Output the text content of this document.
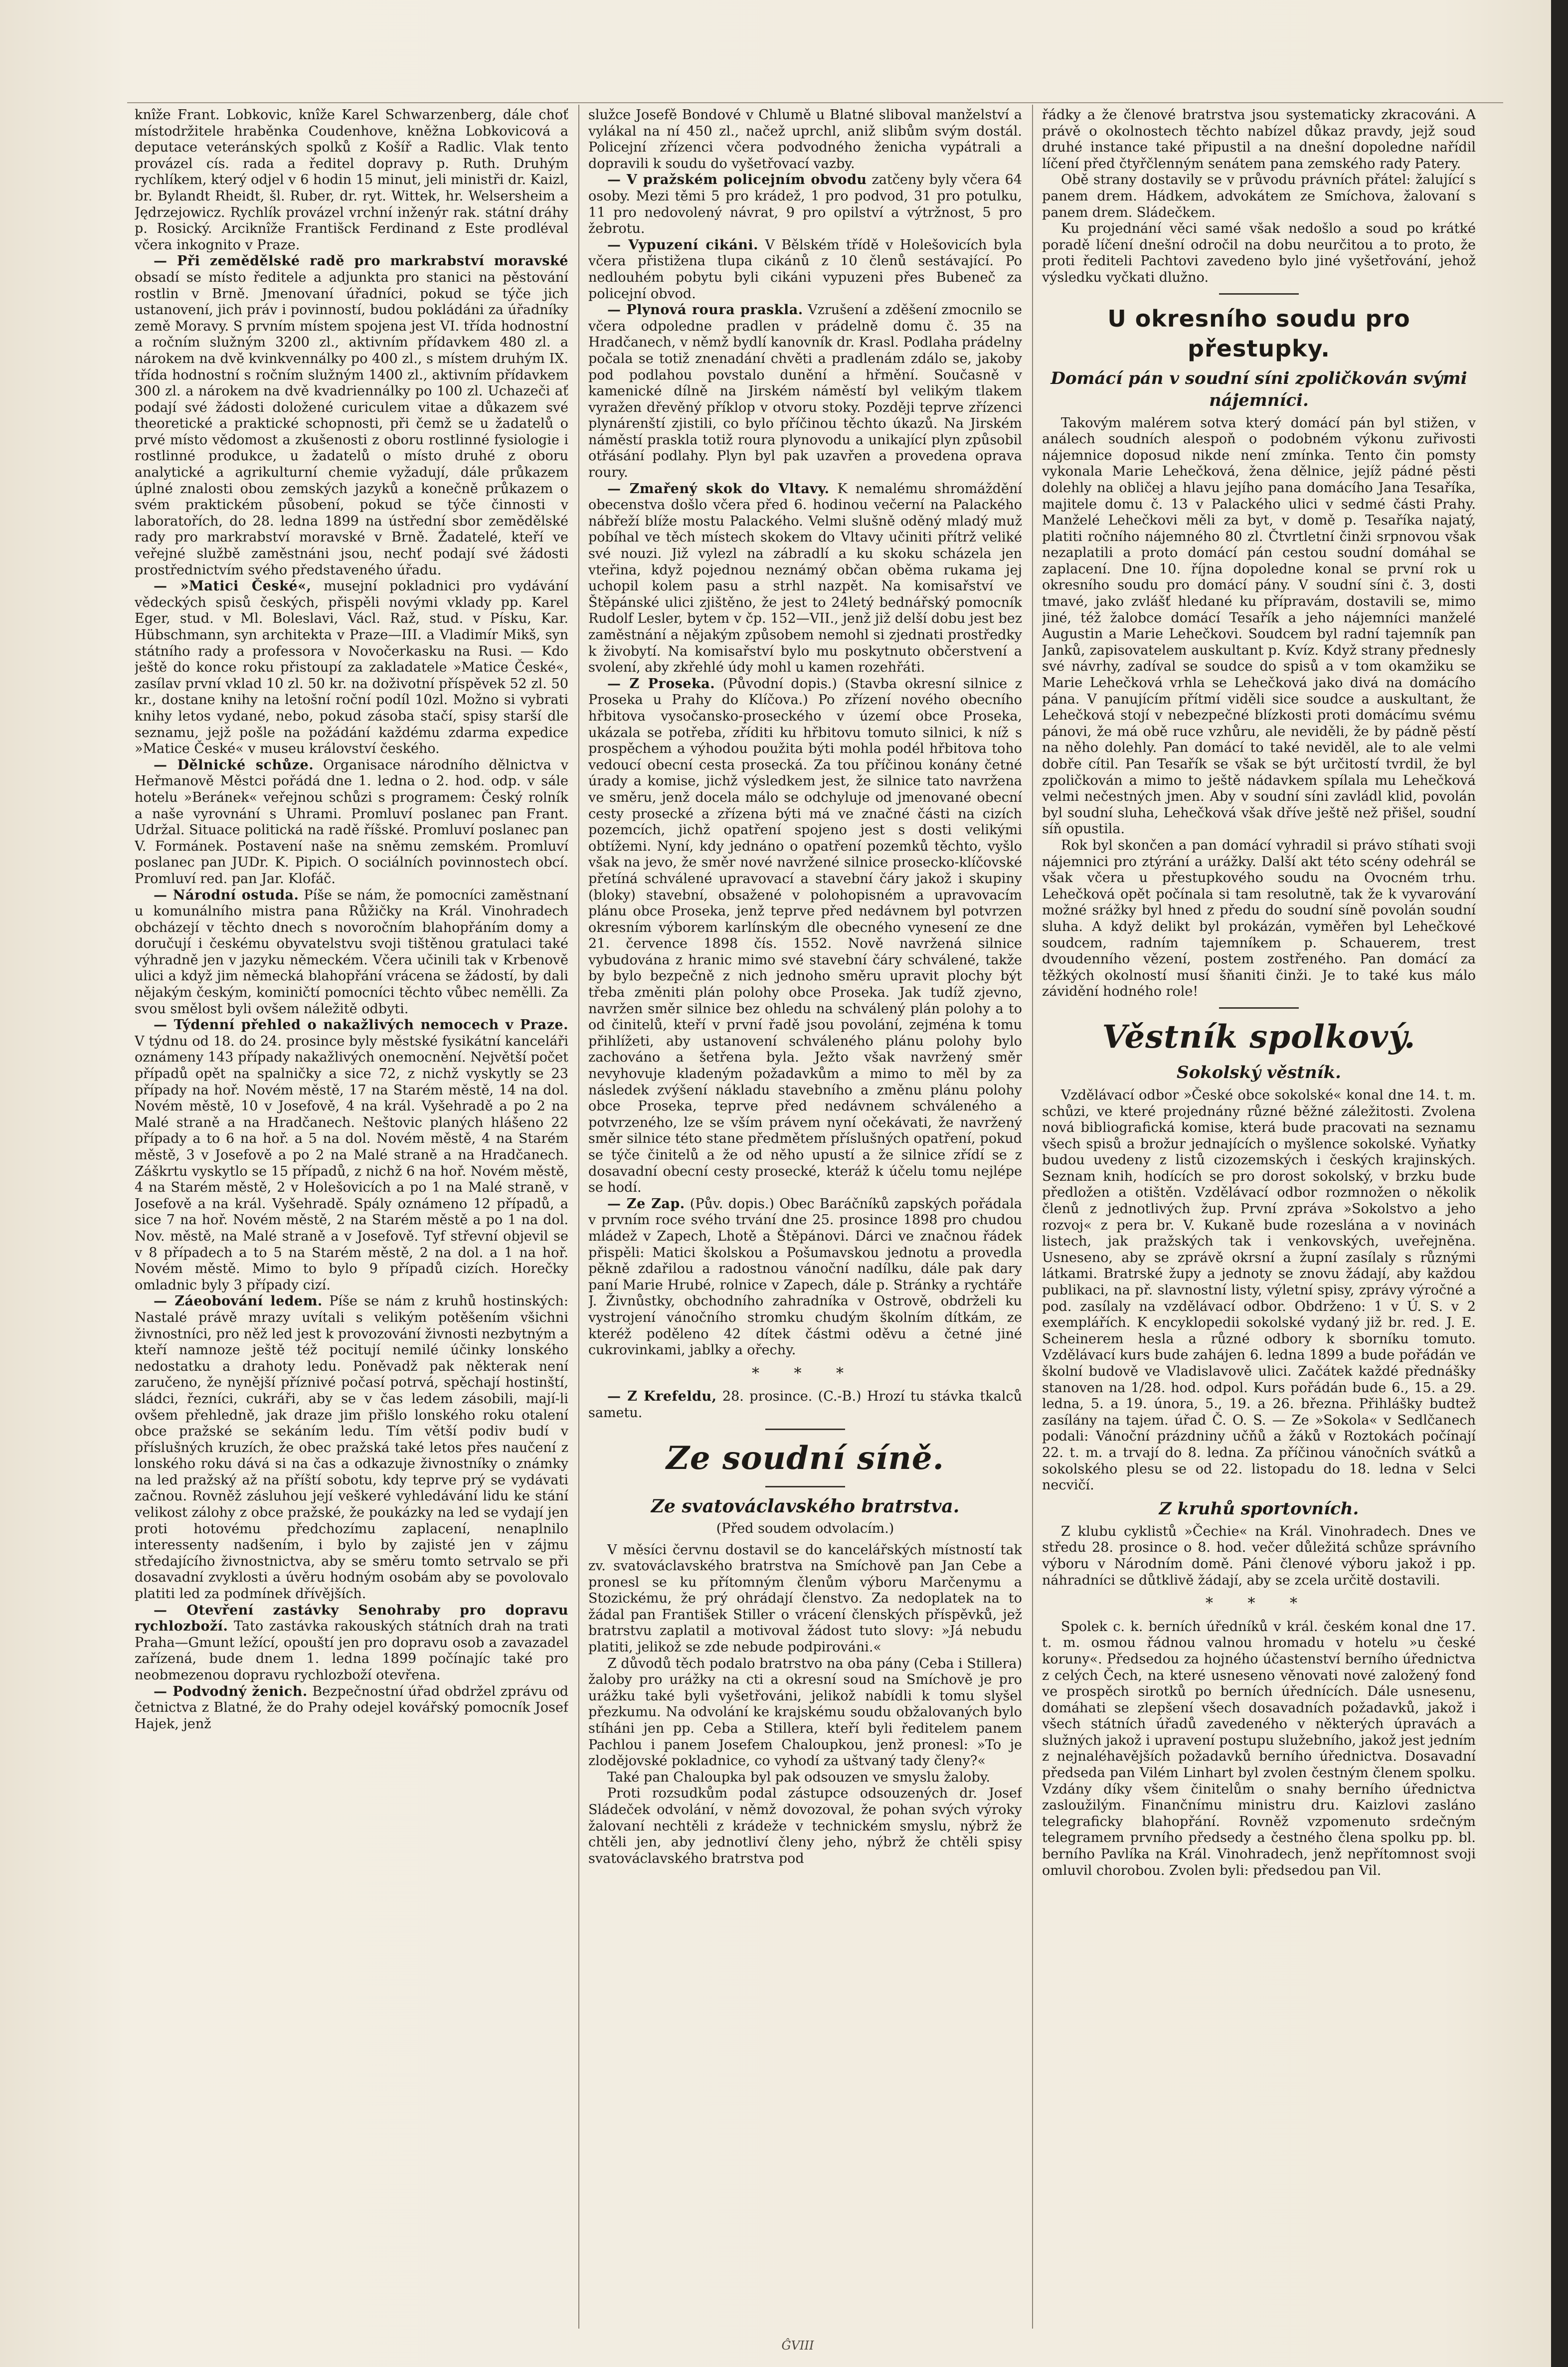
knîže Frant. Lobkovic, knîže Karel Schwarzenberg, dále choť místodržitele hraběnka Coudenhove, kněžna Lobkovicová a deputace veteránských spolků z Košíř a Radlic. Vlak tento provázel cís. rada a ředitel dopravy p. Ruth. Druhým rychlíkem, který odjel v 6 hodin 15 minut, jeli ministři dr. Kaizl, br. Bylandt Rheidt, šl. Ruber, dr. ryt. Wittek, hr. Welsersheim a Jędrzejowicz. Rychlík provázel vrchní inženýr rak. státní dráhy p. Rosický. Arciknîže Františck Ferdinand z Este prodléval včera inkognito v Praze.

— Při zemědělské radě pro markrabství moravské obsadí se místo ředitele a adjunkta pro stanici na pěstování rostlin v Brně. Jmenovaní úřadníci, pokud se týče jich ustanovení, jich práv i povinností, budou pokládáni za úřadníky země Moravy. S prvním místem spojena jest VI. třída hodnostní a ročním služným 3200 zl., aktivním přídavkem 480 zl. a nárokem na dvě kvinkvennálky po 400 zl., s místem druhým IX. třída hodnostní s ročním služným 1400 zl., aktivním přídavkem 300 zl. a nárokem na dvě kvadriennálky po 100 zl. Uchazeči ať podají své žádosti doložené curiculem vitae a důkazem své theoretické a praktické schopnosti, při čemž se u žadatelů o prvé místo vědomost a zkušenosti z oboru rostlinné fysiologie i rostlinné produkce, u žadatelů o místo druhé z oboru analytické a agrikulturní chemie vyžadují, dále průkazem úplné znalosti obou zemských jazyků a konečně průkazem o svém praktickém působení, pokud se týče činnosti v laboratořích, do 28. ledna 1899 na ústřední sbor zemědělské rady pro markrabství moravské v Brně. Žadatelé, kteří ve veřejné službě zaměstnáni jsou, nechť podají své žádosti prostřednictvím svého představeného úřadu.

— »Matici České«, musejní pokladnici pro vydávání vědeckých spisů českých, přispěli novými vklady pp. Karel Eger, stud. v Ml. Boleslavi, Václ. Raž, stud. v Písku, Kar. Hübschmann, syn architekta v Praze—III. a Vladimír Mikš, syn státního rady a professora v Novočerkasku na Rusi. — Kdo ještě do konce roku přistoupí za zakladatele »Matice České«, zasílav první vklad 10 zl. 50 kr. na doživotní příspěvek 52 zl. 50 kr., dostane knihy na letošní roční podíl 10zl. Možno si vybrati knihy letos vydané, nebo, pokud zásoba stačí, spisy starší dle seznamu, jejž pošle na požádání každému zdarma expedice »Matice České« v museu království českého.

— Dělnické schůze. Organisace národního dělnictva v Heřmanově Městci pořádá dne 1. ledna o 2. hod. odp. v sále hotelu »Beránek« veřejnou schůzi s programem: Český rolník a naše vyrovnání s Uhrami. Promluví poslanec pan Frant. Udržal. Situace politická na radě říšské. Promluví poslanec pan V. Formánek. Postavení naše na sněmu zemském. Promluví poslanec pan JUDr. K. Pipich. O sociálních povinnostech obcí. Promluví red. pan Jar. Klofáč.

— Národní ostuda. Píše se nám, že pomocníci zaměstnaní u komunálního mistra pana Růžičky na Král. Vinohradech obcházejí v těchto dnech s novoročním blahopřáním domy a doručují i českému obyvatelstvu svoji tištěnou gratulaci také výhradně jen v jazyku německém. Včera učinili tak v Krbenově ulici a když jim německá blahopřání vrácena se žádostí, by dali nějakým českým, kominičtí pomocníci těchto vůbec nemělli. Za svou smělost byli ovšem náležitě odbyti.

— Týdenní přehled o nakažlivých nemocech v Praze. V týdnu od 18. do 24. prosince byly městské fysikátní kanceláři oznámeny 143 případy nakažlivých onemocnění. Největší počet případů opět na spalničky a sice 72, z nichž vyskytly se 23 případy na hoř. Novém městě, 17 na Starém městě, 14 na dol. Novém městě, 10 v Josefově, 4 na král. Vyšehradě a po 2 na Malé straně a na Hradčanech. Neštovic planých hlášeno 22 případy a to 6 na hoř. a 5 na dol. Novém městě, 4 na Starém městě, 3 v Josefově a po 2 na Malé straně a na Hradčanech. Záškrtu vyskytlo se 15 případů, z nichž 6 na hoř. Novém městě, 4 na Starém městě, 2 v Holešovicích a po 1 na Malé straně, v Josefově a na král. Vyšehradě. Spály oznámeno 12 případů, a sice 7 na hoř. Novém městě, 2 na Starém městě a po 1 na dol. Nov. městě, na Malé straně a v Josefově. Tyf střevní objevil se v 8 případech a to 5 na Starém městě, 2 na dol. a 1 na hoř. Novém městě. Mimo to bylo 9 případů cizích. Horečky omladnic byly 3 případy cizí.

— Záeobování ledem. Píše se nám z kruhů hostinských: Nastalé právě mrazy uvítali s velikým potěšením všichni živnostníci, pro něž led jest k provozování živnosti nezbytným a kteří namnoze ještě též pocitují nemilé účinky lonského nedostatku a drahoty ledu. Poněvadž pak některak není zaručeno, že nynější příznivé počasí potrvá, spěchají hostinští, sládci, řezníci, cukráři, aby se v čas ledem zásobili, mají-li ovšem přehledně, jak draze jim přišlo lonského roku otalení obce pražské se sekáním ledu. Tím větší podiv budí v příslušných kruzích, že obec pražská také letos přes naučení z lonského roku dává si na čas a odkazuje živnostníky o známky na led pražský až na příští sobotu, kdy teprve prý se vydávati začnou. Rovněž zásluhou její veškeré vyhledávání lidu ke stání velikost zálohy z obce pražské, že poukázky na led se vydají jen proti hotovému předchozímu zaplacení, nenaplnilo interessenty nadšením, i bylo by zajisté jen v zájmu středajícího živnostnictva, aby se směru tomto setrvalo se při dosavadní zvyklosti a úvěru hodným osobám aby se povolovalo platiti led za podmínek dřívějších.

— Otevření zastávky Senohraby pro dopravu rychlozboží. Tato zastávka rakouských státních drah na trati Praha—Gmunt ležící, opouští jen pro dopravu osob a zavazadel zařízená, bude dnem 1. ledna 1899 počínajíc také pro neobmezenou dopravu rychlozboží otevřena.

— Podvodný ženich. Bezpečnostní úřad obdržel zprávu od četnictva z Blatné, že do Prahy odejel kovářský pomocník Josef Hajek, jenž

služce Josefě Bondové v Chlumě u Blatné sliboval manželství a vylákal na ní 450 zl., načež uprchl, aniž slibům svým dostál. Policejní zřízenci včera podvodného ženicha vypátrali a dopravili k soudu do vyšetřovací vazby.

— V pražském policejním obvodu zatčeny byly včera 64 osoby. Mezi těmi 5 pro krádež, 1 pro podvod, 31 pro potulku, 11 pro nedovolený návrat, 9 pro opilství a výtržnost, 5 pro žebrotu.

— Vypuzení cikáni. V Bělském třídě v Holešovicích byla včera přistižena tlupa cikánů z 10 členů sestávající. Po nedlouhém pobytu byli cikáni vypuzeni přes Bubeneč za policejní obvod.

— Plynová roura praskla. Vzrušení a zděšení zmocnilo se včera odpoledne pradlen v prádelně domu č. 35 na Hradčanech, v němž bydlí kanovník dr. Krasl. Podlaha prádelny počala se totiž znenadání chvěti a pradlenám zdálo se, jakoby pod podlahou povstalo dunění a hřmění. Současně v kamenické dílně na Jirském náměstí byl velikým tlakem vyražen dřevěný příklop v otvoru stoky. Později teprve zřízenci plynárenští zjistili, co bylo příčinou těchto úkazů. Na Jirském náměstí praskla totiž roura plynovodu a unikající plyn způsobil otřásání podlahy. Plyn byl pak uzavřen a provedena oprava roury.

— Zmařený skok do Vltavy. K nemalému shromáždění obecenstva došlo včera před 6. hodinou večerní na Palackého nábřeží blíže mostu Palackého. Velmi slušně oděný mladý muž pobíhal ve těch místech skokem do Vltavy učiniti přítrž veliké své nouzi. Již vylezl na zábradlí a ku skoku scházela jen vteřina, když pojednou neznámý občan oběma rukama jej uchopil kolem pasu a strhl nazpět. Na komisařství ve Štěpánské ulici zjištěno, že jest to 24letý bednářský pomocník Rudolf Lesler, bytem v čp. 152—VII., jenž již delší dobu jest bez zaměstnání a nějakým způsobem nemohl si zjednati prostředky k živobytí. Na komisařství bylo mu poskytnuto občerstvení a svolení, aby zkřehlé údy mohl u kamen rozehřáti.

— Z Proseka. (Původní dopis.) (Stavba okresní silnice z Proseka u Prahy do Klíčova.) Po zřízení nového obecního hřbitova vysočansko-proseckého v území obce Proseka, ukázala se potřeba, zříditi ku hřbitovu tomuto silnici, k níž s prospěchem a výhodou použita býti mohla podél hřbitova toho vedoucí obecní cesta prosecká. Za tou příčinou konány četné úrady a komise, jichž výsledkem jest, že silnice tato navržena ve směru, jenž docela málo se odchyluje od jmenované obecní cesty prosecké a zřízena býti má ve značné části na cizích pozemcích, jichž opatření spojeno jest s dosti velikými obtížemi. Nyní, kdy jednáno o opatření pozemků těchto, vyšlo však na jevo, že směr nové navržené silnice prosecko-klíčovské přetíná schválené upravovací a stavební čáry jakož i skupiny (bloky) stavební, obsažené v polohopisném a upravovacím plánu obce Proseka, jenž teprve před nedávnem byl potvrzen okresním výborem karlínským dle obecného vynesení ze dne 21. července 1898 čís. 1552. Nově navržená silnice vybudována z hranic mimo své stavební čáry schválené, takže by bylo bezpečně z nich jednoho směru upravit plochy být třeba změniti plán polohy obce Proseka. Jak tudíž zjevno, navržen směr silnice bez ohledu na schválený plán polohy a to od činitelů, kteří v první řadě jsou povolání, zejména k tomu přihlížeti, aby ustanovení schváleného plánu polohy bylo zachováno a šetřena byla. Ježto však navržený směr nevyhovuje kladeným požadavkům a mimo to měl by za následek zvýšení nákladu stavebního a změnu plánu polohy obce Proseka, teprve před nedávnem schváleného a potvrzeného, lze se vším právem nyní očekávati, že navržený směr silnice této stane předmětem příslušných opatření, pokud se týče činitelů a že od něho upustí a že silnice zřídí se z dosavadní obecní cesty prosecké, kteráž k účelu tomu nejlépe se hodí.

— Ze Zap. (Pův. dopis.) Obec Baráčníků zapských pořádala v prvním roce svého trvání dne 25. prosince 1898 pro chudou mládež v Zapech, Lhotě a Štěpánovi. Dárci ve značnou řádek přispěli: Matici školskou a Pošumavskou jednotu a provedla pěkně zdařilou a radostnou vánoční nadílku, dále pak dary paní Marie Hrubé, rolnice v Zapech, dále p. Stránky a rychtáře J. Živnůstky, obchodního zahradníka v Ostrově, obdrželi ku vystrojení vánočního stromku chudým školním dítkám, ze kteréž poděleno 42 dítek částmi oděvu a četné jiné cukrovinkami, jablky a ořechy.

* * *

— Z Krefeldu, 28. prosince. (C.-B.) Hrozí tu stávka tkalců sametu.

Ze soudní síně.
Ze svatováclavského bratrstva.
(Před soudem odvolacím.)

V měsíci červnu dostavil se do kancelářských místností tak zv. svatováclavského bratrstva na Smíchově pan Jan Cebe a pronesl se ku přítomným členům výboru Marčenymu a Stozickému, že prý ohrádají členstvo. Za nedoplatek na to žádal pan František Stiller o vrácení členských příspěvků, jež bratrstvu zaplatil a motivoval žádost tuto slovy: »Já nebudu platiti, jelikož se zde nebude podpirováni.«

Z důvodů těch podalo bratrstvo na oba pány (Ceba i Stillera) žaloby pro urážky na cti a okresní soud na Smíchově je pro urážku také byli vyšetřováni, jelikož nabídli k tomu slyšel přezkumu. Na odvolání ke krajskému soudu obžalovaných bylo stíháni jen pp. Ceba a Stillera, kteří byli ředitelem panem Pachlou i panem Josefem Chaloupkou, jenž pronesl: »To je zlodějovské pokladnice, co vyhodí za uštvaný tady členy?«

Také pan Chaloupka byl pak odsouzen ve smyslu žaloby.

Proti rozsudkům podal zástupce odsouzených dr. Josef Sládeček odvolání, v němž dovozoval, že pohan svých výroky žalovaní nechtěli z krádeže v technickém smyslu, nýbrž že chtěli jen, aby jednotliví členy jeho, nýbrž že chtěli spisy svatováclavského bratrstva pod

řádky a že členové bratrstva jsou systematicky zkracováni. A právě o okolnostech těchto nabízel důkaz pravdy, jejž soud druhé instance také připustil a na dnešní dopoledne nařídil líčení před čtyřčlenným senátem pana zemského rady Patery.

Obě strany dostavily se v průvodu právních přátel: žalující s panem drem. Hádkem, advokátem ze Smíchova, žalovaní s panem drem. Sládečkem.

Ku projednání věci samé však nedošlo a soud po krátké poradě líčení dnešní odročil na dobu neurčitou a to proto, že proti řediteli Pachtovi zavedeno bylo jiné vyšetřování, jehož výsledku vyčkati dlužno.

U okresního soudu pro přestupky.
Domácí pán v soudní síni zpoličkován svými nájemníci.

Takovým malérem sotva který domácí pán byl stižen, v análech soudních alespoň o podobném výkonu zuřivosti nájemnice doposud nikde není zmínka. Tento čin pomsty vykonala Marie Lehečková, žena dělnice, jejíž pádné pěsti dolehly na obličej a hlavu jejího pana domácího Jana Tesaříka, majitele domu č. 13 v Palackého ulici v sedmé části Prahy. Manželé Lehečkovi měli za byt, v domě p. Tesaříka najatý, platiti ročního nájemného 80 zl. Čtvrtletní činži srpnovou však nezaplatili a proto domácí pán cestou soudní domáhal se zaplacení. Dne 10. října dopoledne konal se první rok u okresního soudu pro domácí pány. V soudní síni č. 3, dosti tmavé, jako zvlášť hledané ku přípravám, dostavili se, mimo jiné, též žalobce domácí Tesařík a jeho nájemníci manželé Augustin a Marie Lehečkovi. Soudcem byl radní tajemník pan Janků, zapisovatelem auskultant p. Kvíz. Když strany přednesly své návrhy, zadíval se soudce do spisů a v tom okamžiku se Marie Lehečková vrhla se Lehečková jako divá na domácího pána. V panujícím přítmí viděli sice soudce a auskultant, že Lehečková stojí v nebezpečné blízkosti proti domácímu svému pánovi, že má obě ruce vzhůru, ale neviděli, že by pádně pěstí na něho dolehly. Pan domácí to také neviděl, ale to ale velmi dobře cítil. Pan Tesařík se však se být určitostí tvrdil, že byl zpoličkován a mimo to ještě nádavkem spílala mu Lehečková velmi nečestných jmen. Aby v soudní síni zavládl klid, povolán byl soudní sluha, Lehečková však dříve ještě než přišel, soudní síň opustila.

Rok byl skončen a pan domácí vyhradil si právo stíhati svoji nájemnici pro ztýrání a urážky. Další akt této scény odehrál se však včera u přestupkového soudu na Ovocném trhu. Lehečková opět počínala si tam resolutně, tak že k vyvarování možné srážky byl hned z předu do soudní síně povolán soudní sluha. A když delikt byl prokázán, vyměřen byl Lehečkové soudcem, radním tajemníkem p. Schauerem, trest dvoudenního vězení, postem zostřeného. Pan domácí za těžkých okolností musí šňaniti činži. Je to také kus málo závidění hodného role!

Věstník spolkový.
Sokolský věstník.

Vzdělávací odbor »České obce sokolské« konal dne 14. t. m. schůzi, ve které projednány různé běžné záležitosti. Zvolena nová bibliografická komise, která bude pracovati na seznamu všech spisů a brožur jednajících o myšlence sokolské. Vyňatky budou uvedeny z listů cizozemských i českých krajinských. Seznam knih, hodících se pro dorost sokolský, v brzku bude předložen a otištěn. Vzdělávací odbor rozmnožen o několik členů z jednotlivých žup. První zpráva »Sokolstvo a jeho rozvoj« z pera br. V. Kukaně bude rozeslána a v novinách listech, jak pražských tak i venkovských, uveřejněna. Usneseno, aby se zprávě okrsní a župní zasílaly s různými látkami. Bratrské župy a jednoty se znovu žádají, aby každou publikaci, na př. slavnostní listy, výletní spisy, zprávy výročné a pod. zasílaly na vzdělávací odbor. Obdrženo: 1 v Ú. S. v 2 exemplářích. K encyklopedii sokolské vydaný již br. red. J. E. Scheinerem hesla a různé odbory k sborníku tomuto. Vzdělávací kurs bude zahájen 6. ledna 1899 a bude pořádán ve školní budově ve Vladislavově ulici. Začátek každé přednášky stanoven na 1/28. hod. odpol. Kurs pořádán bude 6., 15. a 29. ledna, 5. a 19. února, 5., 19. a 26. března. Přihlášky budtež zasílány na tajem. úřad Č. O. S. — Ze »Sokola« v Sedlčanech podali: Vánoční prázdniny učňů a žáků v Roztokách počínají 22. t. m. a trvají do 8. ledna. Za příčinou vánočních svátků a sokolského plesu se od 22. listopadu do 18. ledna v Selci necvičí.

Z kruhů sportovních.

Z klubu cyklistů »Čechie« na Král. Vinohradech. Dnes ve středu 28. prosince o 8. hod. večer důležitá schůze správního výboru v Národním domě. Páni členové výboru jakož i pp. náhradníci se důtklivě žádají, aby se zcela určitě dostavili.

* * *

Spolek c. k. berních úředníků v král. českém konal dne 17. t. m. osmou řádnou valnou hromadu v hotelu »u české koruny«. Předsedou za hojného účastenství berního úřednictva z celých Čech, na které usneseno věnovati nové založený fond ve prospěch sirotků po berních úřednících. Dále usnesenu, domáhati se zlepšení všech dosavadních požadavků, jakož i všech státních úřadů zavedeného v některých úpravách a služných jakož i upravení postupu služebního, jakož jest jedním z nejnaléhavějších požadavků berního úřednictva. Dosavadní předseda pan Vilém Linhart byl zvolen čestným členem spolku. Vzdány díky všem činitelům o snahy berního úřednictva zasloužilým. Finančnímu ministru dru. Kaizlovi zasláno telegraficky blahopřání. Rovněž vzpomenuto srdečným telegramem prvního předsedy a čestného člena spolku pp. bl. berního Pavlíka na Král. Vinohradech, jenž nepřítomnost svoji omluvil chorobou. Zvolen byli: předsedou pan Vil.

ĜVIII
